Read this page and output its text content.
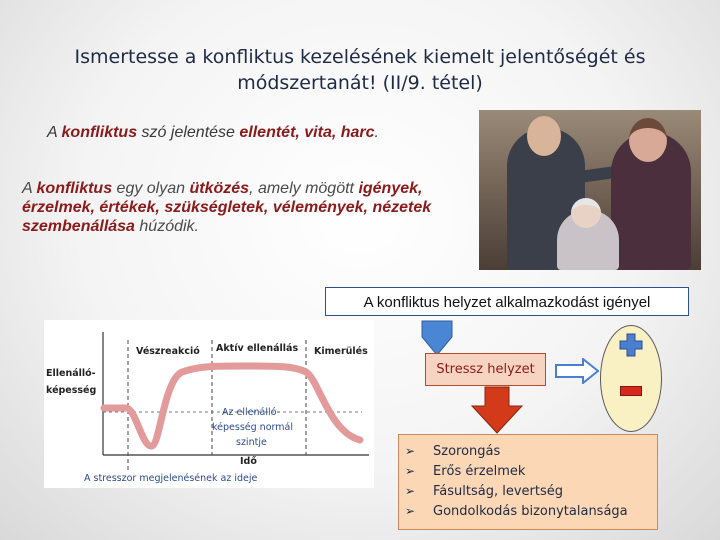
Ismertesse a konfliktus kezelésének kiemelt jelentőségét és
módszertanát! (II/9. tétel)
A konfliktus szó jelentése ellentét, vita, harc.
A konfliktus egy olyan ütközés, amely mögött igények, érzelmek, értékek, szükségletek, vélemények, nézetek szembenállása húzódik.
A konfliktus helyzet alkalmazkodást igényel
Stressz helyzet
➢	Szorongás
➢	Erős érzelmek
➢	Fásultság, levertség
➢	Gondolkodás bizonytalansága
Ellenálló-
képesség
Vészreakció Aktív ellenállás Kimerülés
Az ellenálló-
képesség normál
szintje
Idő
A stresszor megjelenésének az ideje
